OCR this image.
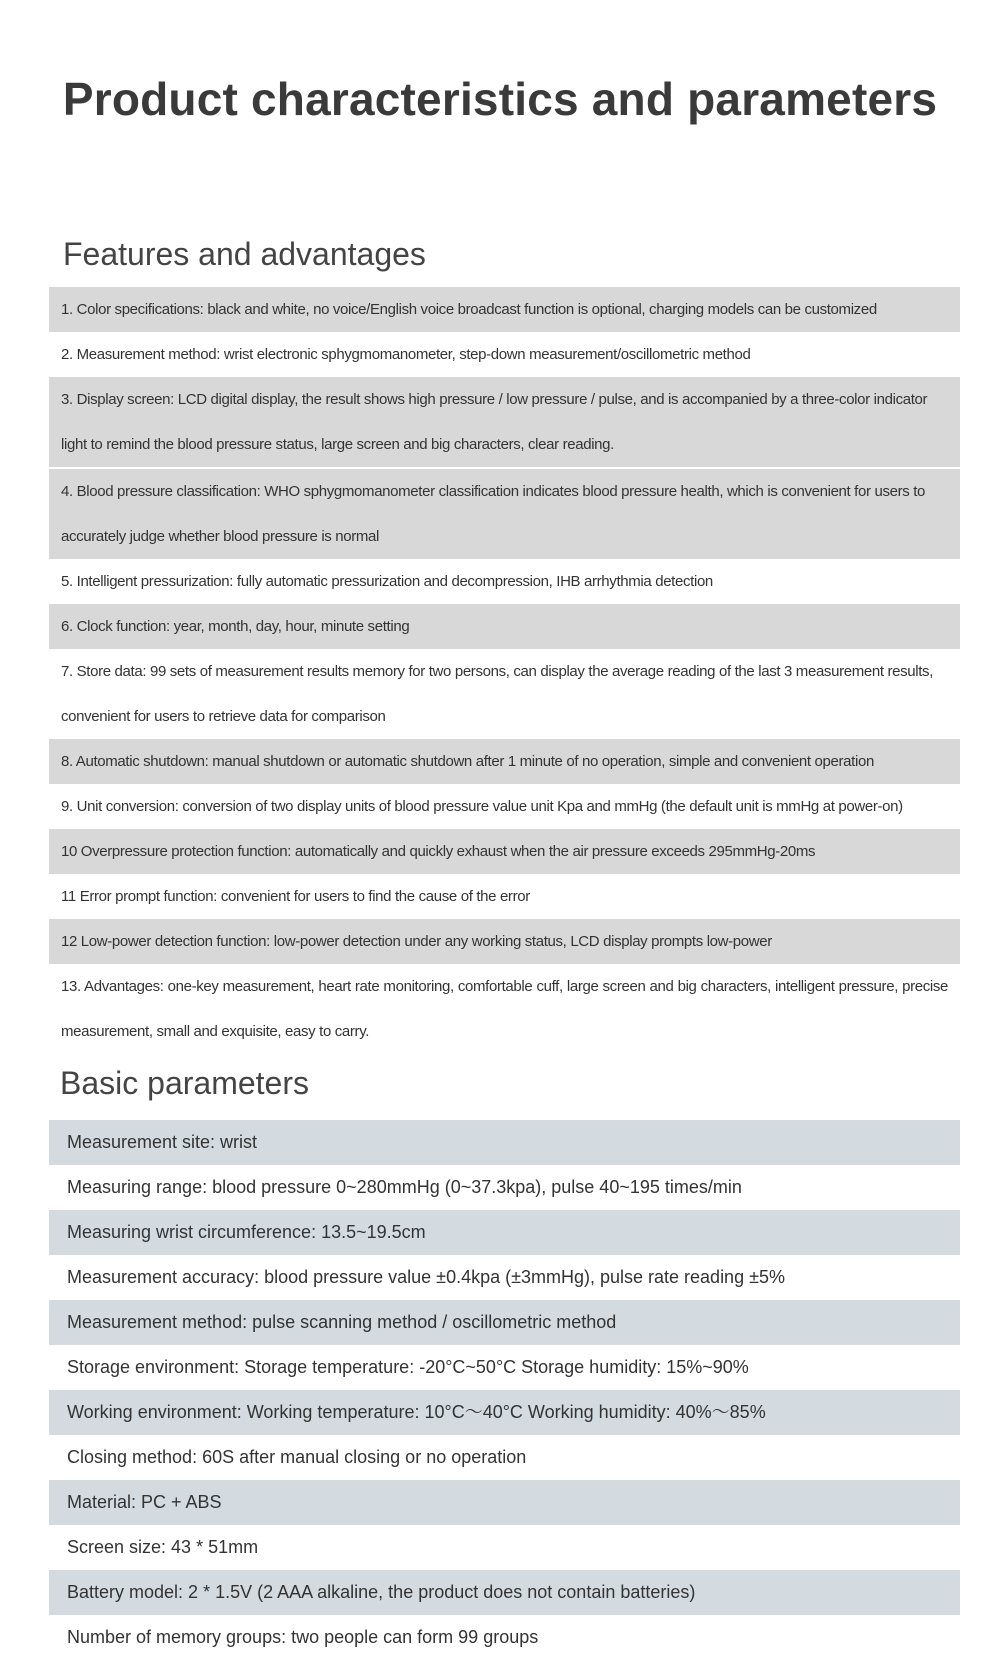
Product characteristics and parameters
Features and advantages
1. Color specifications: black and white, no voice/English voice broadcast function is optional, charging models can be customized
2. Measurement method: wrist electronic sphygmomanometer, step-down measurement/oscillometric method
3. Display screen: LCD digital display, the result shows high pressure / low pressure / pulse, and is accompanied by a three-color indicator light to remind the blood pressure status, large screen and big characters, clear reading.
4. Blood pressure classification: WHO sphygmomanometer classification indicates blood pressure health, which is convenient for users to accurately judge whether blood pressure is normal
5. Intelligent pressurization: fully automatic pressurization and decompression, IHB arrhythmia detection
6. Clock function: year, month, day, hour, minute setting
7. Store data: 99 sets of measurement results memory for two persons, can display the average reading of the last 3 measurement results, convenient for users to retrieve data for comparison
8. Automatic shutdown: manual shutdown or automatic shutdown after 1 minute of no operation, simple and convenient operation
9. Unit conversion: conversion of two display units of blood pressure value unit Kpa and mmHg (the default unit is mmHg at power-on)
10 Overpressure protection function: automatically and quickly exhaust when the air pressure exceeds 295mmHg-20ms
11 Error prompt function: convenient for users to find the cause of the error
12 Low-power detection function: low-power detection under any working status, LCD display prompts low-power
13. Advantages: one-key measurement, heart rate monitoring, comfortable cuff, large screen and big characters, intelligent pressure, precise measurement, small and exquisite, easy to carry.
Basic parameters
Measurement site: wrist
Measuring range: blood pressure 0~280mmHg (0~37.3kpa), pulse 40~195 times/min
Measuring wrist circumference: 13.5~19.5cm
Measurement accuracy: blood pressure value ±0.4kpa (±3mmHg), pulse rate reading ±5%
Measurement method: pulse scanning method / oscillometric method
Storage environment: Storage temperature: -20°C~50°C Storage humidity: 15%~90%
Working environment: Working temperature: 10°C～40°C Working humidity: 40%～85%
Closing method: 60S after manual closing or no operation
Material: PC + ABS
Screen size: 43 * 51mm
Battery model: 2 * 1.5V (2 AAA alkaline, the product does not contain batteries)
Number of memory groups: two people can form 99 groups
